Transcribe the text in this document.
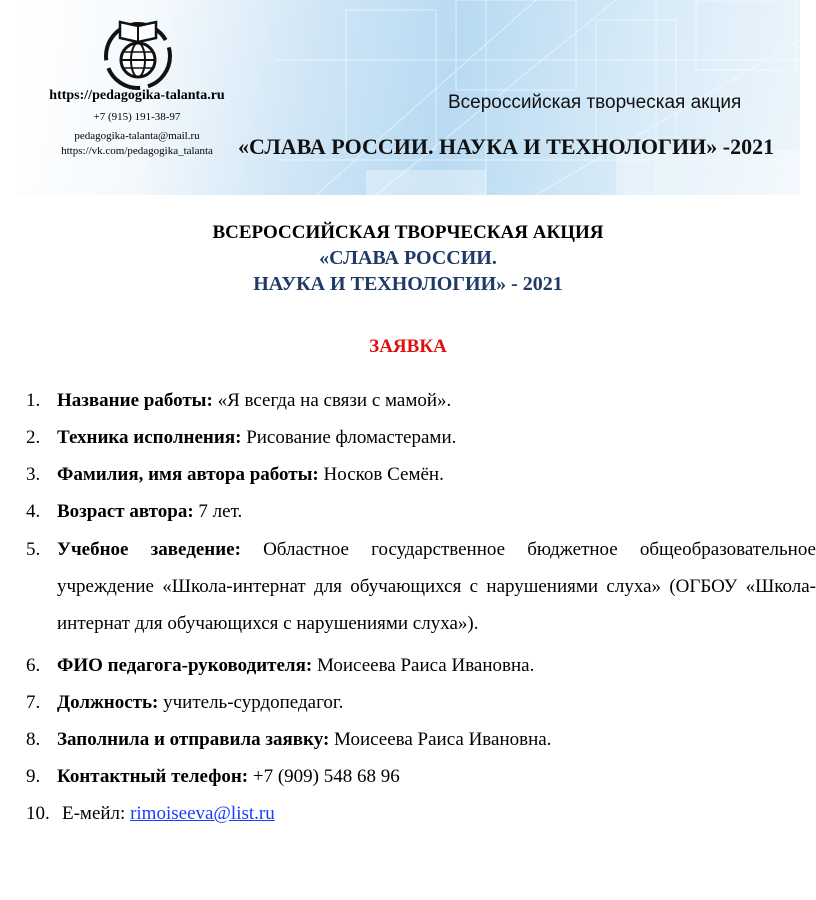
https://pedagogika-talanta.ru
+7 (915) 191-38-97
pedagogika-talanta@mail.ru
https://vk.com/pedagogika_talanta
Всероссийская творческая акция
«СЛАВА РОССИИ. НАУКА И ТЕХНОЛОГИИ» -2021
ВСЕРОССИЙСКАЯ ТВОРЧЕСКАЯ АКЦИЯ
«СЛАВА РОССИИ.
НАУКА И ТЕХНОЛОГИИ» - 2021
ЗАЯВКА
1. Название работы: «Я всегда на связи с мамой».
2. Техника исполнения: Рисование фломастерами.
3. Фамилия, имя автора работы: Носков Семён.
4. Возраст автора: 7 лет.
5. Учебное заведение: Областное государственное бюджетное общеобразовательное учреждение «Школа-интернат для обучающихся с нарушениями слуха» (ОГБОУ «Школа-интернат для обучающихся с нарушениями слуха»).
6. ФИО педагога-руководителя: Моисеева Раиса Ивановна.
7. Должность: учитель-сурдопедагог.
8. Заполнила и отправила заявку: Моисеева Раиса Ивановна.
9. Контактный телефон: +7 (909) 548 68 96
10. Е-мейл: rimoiseeva@list.ru
